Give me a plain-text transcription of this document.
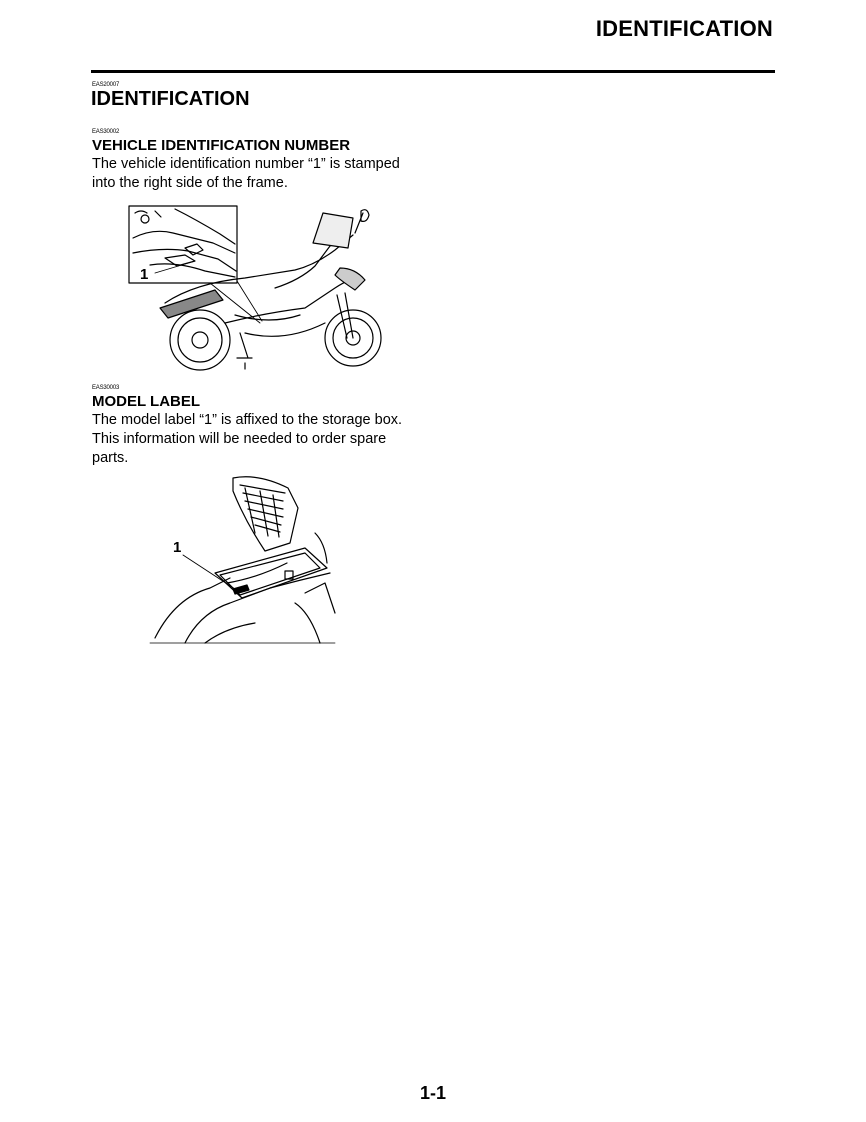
IDENTIFICATION
EAS20007
IDENTIFICATION
EAS30002
VEHICLE IDENTIFICATION NUMBER
The vehicle identification number “1” is stamped
into the right side of the frame.
1
EAS30003
MODEL LABEL
The model label “1” is affixed to the storage box.
This information will be needed to order spare
parts.
1
1-1
